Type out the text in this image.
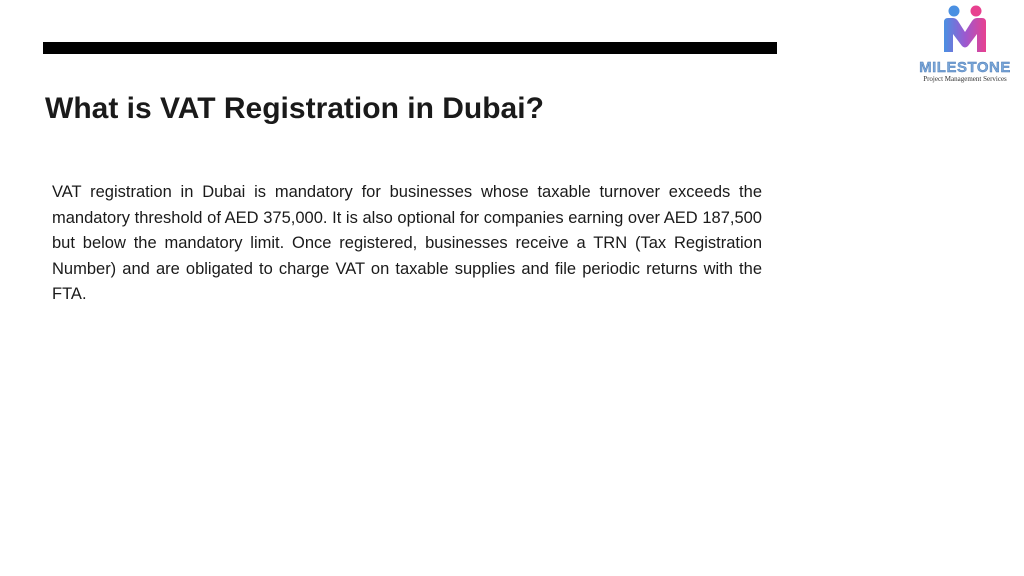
What is VAT Registration in Dubai?

VAT registration in Dubai is mandatory for businesses whose taxable turnover exceeds the mandatory threshold of AED 375,000. It is also optional for companies earning over AED 187,500 but below the mandatory limit. Once registered, businesses receive a TRN (Tax Registration Number) and are obligated to charge VAT on taxable supplies and file periodic returns with the FTA.

MILESTONE
Project Management Services
